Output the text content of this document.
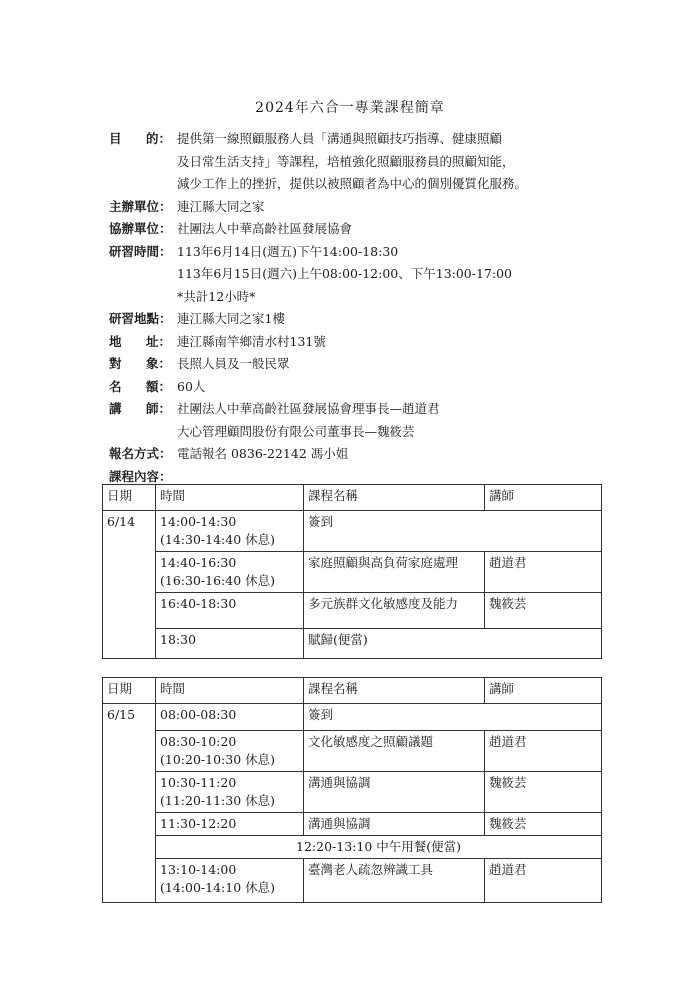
2024年六合一專業課程簡章
目 的： 提供第一線照顧服務人員「溝通與照顧技巧指導、健康照顧
及日常生活支持」等課程，培植強化照顧服務員的照顧知能，
減少工作上的挫折，提供以被照顧者為中心的個別優質化服務。
主辦單位： 連江縣大同之家
協辦單位： 社團法人中華高齡社區發展協會
研習時間： 113年6月14日(週五)下午14:00-18:30
113年6月15日(週六)上午08:00-12:00、下午13:00-17:00
*共計12小時*
研習地點： 連江縣大同之家1樓
地 址： 連江縣南竿鄉清水村131號
對 象： 長照人員及一般民眾
名 額： 60人
講 師： 社團法人中華高齡社區發展協會理事長—趙道君
大心管理顧問股份有限公司董事長—魏筱芸
報名方式： 電話報名 0836-22142 馮小姐
課程內容：
日期	時間	課程名稱	講師
6/14	14:00-14:30
(14:30-14:40 休息)	簽到	

	14:40-16:30
(16:30-16:40 休息)	家庭照顧與高負荷家庭處理	趙道君

	16:40-18:30	多元族群文化敏感度及能力	魏筱芸

	18:30	賦歸(便當)	
日期	時間	課程名稱	講師
6/15	08:00-08:30	簽到	

	08:30-10:20
(10:20-10:30 休息)	文化敏感度之照顧議題	趙道君

	10:30-11:20
(11:20-11:30 休息)	溝通與協調	魏筱芸

	11:30-12:20	溝通與協調	魏筱芸
	12:20-13:10 中午用餐(便當)		

	13:10-14:00
(14:00-14:10 休息)	臺灣老人疏忽辨識工具	趙道君
